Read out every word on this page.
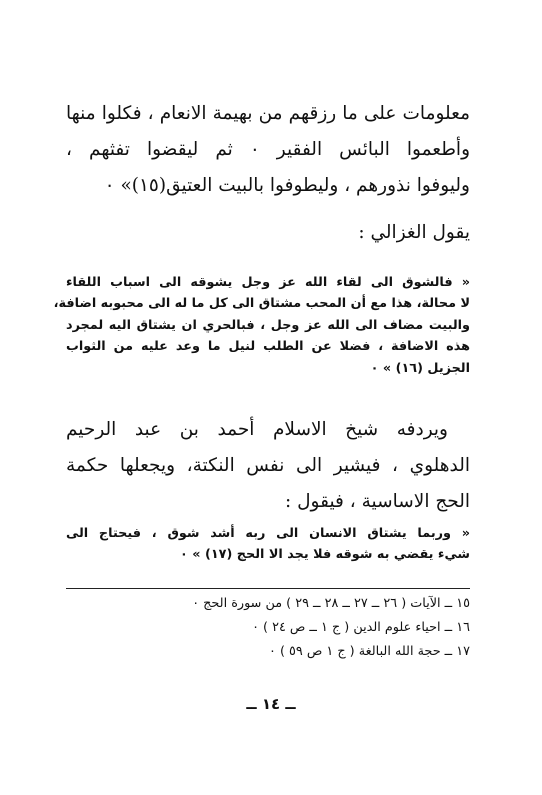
معلومات على ما رزقهم من بهيمة الانعام ، فكلوا منها
وأطعموا البائس الفقير ٠ ثم ليقضوا تفثهم ،
وليوفوا نذورهم ، وليطوفوا بالبيت العتيق(١٥)» ٠
يقول الغزالي :
« فالشوق الى لقاء الله عز وجل يشوقه الى اسباب اللقاء
لا محالة، هذا مع أن المحب مشتاق الى كل ما له الى محبوبه اضافة،
والبيت مضاف الى الله عز وجل ، فبالحري ان يشتاق اليه لمجرد
هذه الاضافة ، فضلا عن الطلب لنيل ما وعد عليه من الثواب
الجزيل (١٦) » ٠
ويردفه شيخ الاسلام أحمد بن عبد الرحيم
الدهلوي ، فيشير الى نفس النكتة، ويجعلها حكمة
الحج الاساسية ، فيقول :
« وربما يشتاق الانسان الى ربه أشد شوق ، فيحتاج الى
شيء يقضي به شوقه فلا يجد الا الحج (١٧) » ٠
١٥ ــ الآيات ( ٢٦ ــ ٢٧ ــ ٢٨ ــ ٢٩ ) من سورة الحج ٠
١٦ ــ احياء علوم الدين ( ج ١ ــ ص ٢٤ ) ٠
١٧ ــ حجة الله البالغة ( ج ١ ص ٥٩ ) ٠
ــ ١٤ ــ
